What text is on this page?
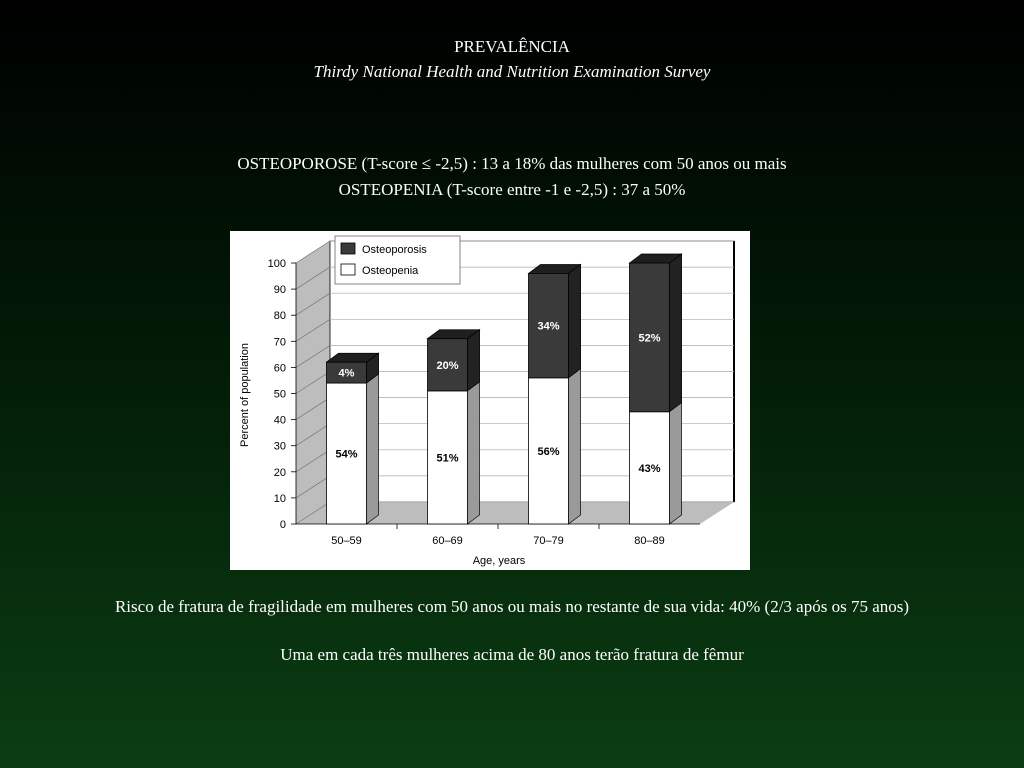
PREVALÊNCIA
Thirdy National Health and Nutrition Examination Survey
OSTEOPOROSE (T-score ≤ -2,5) : 13 a 18% das mulheres com 50 anos ou mais
OSTEOPENIA (T-score entre -1 e -2,5) : 37 a 50%
0
10
20
30
40
50
60
70
80
90
100
54%
4%
51%
20%
56%
34%
43%
52%
50–59	60–69	70–79	80–89
Percent of population
Age, years
Osteoporosis
Osteopenia
Risco de fratura de fragilidade em mulheres com 50 anos ou mais no restante de sua vida: 40% (2/3 após os 75 anos)
Uma em cada três mulheres acima de 80 anos terão fratura de fêmur
